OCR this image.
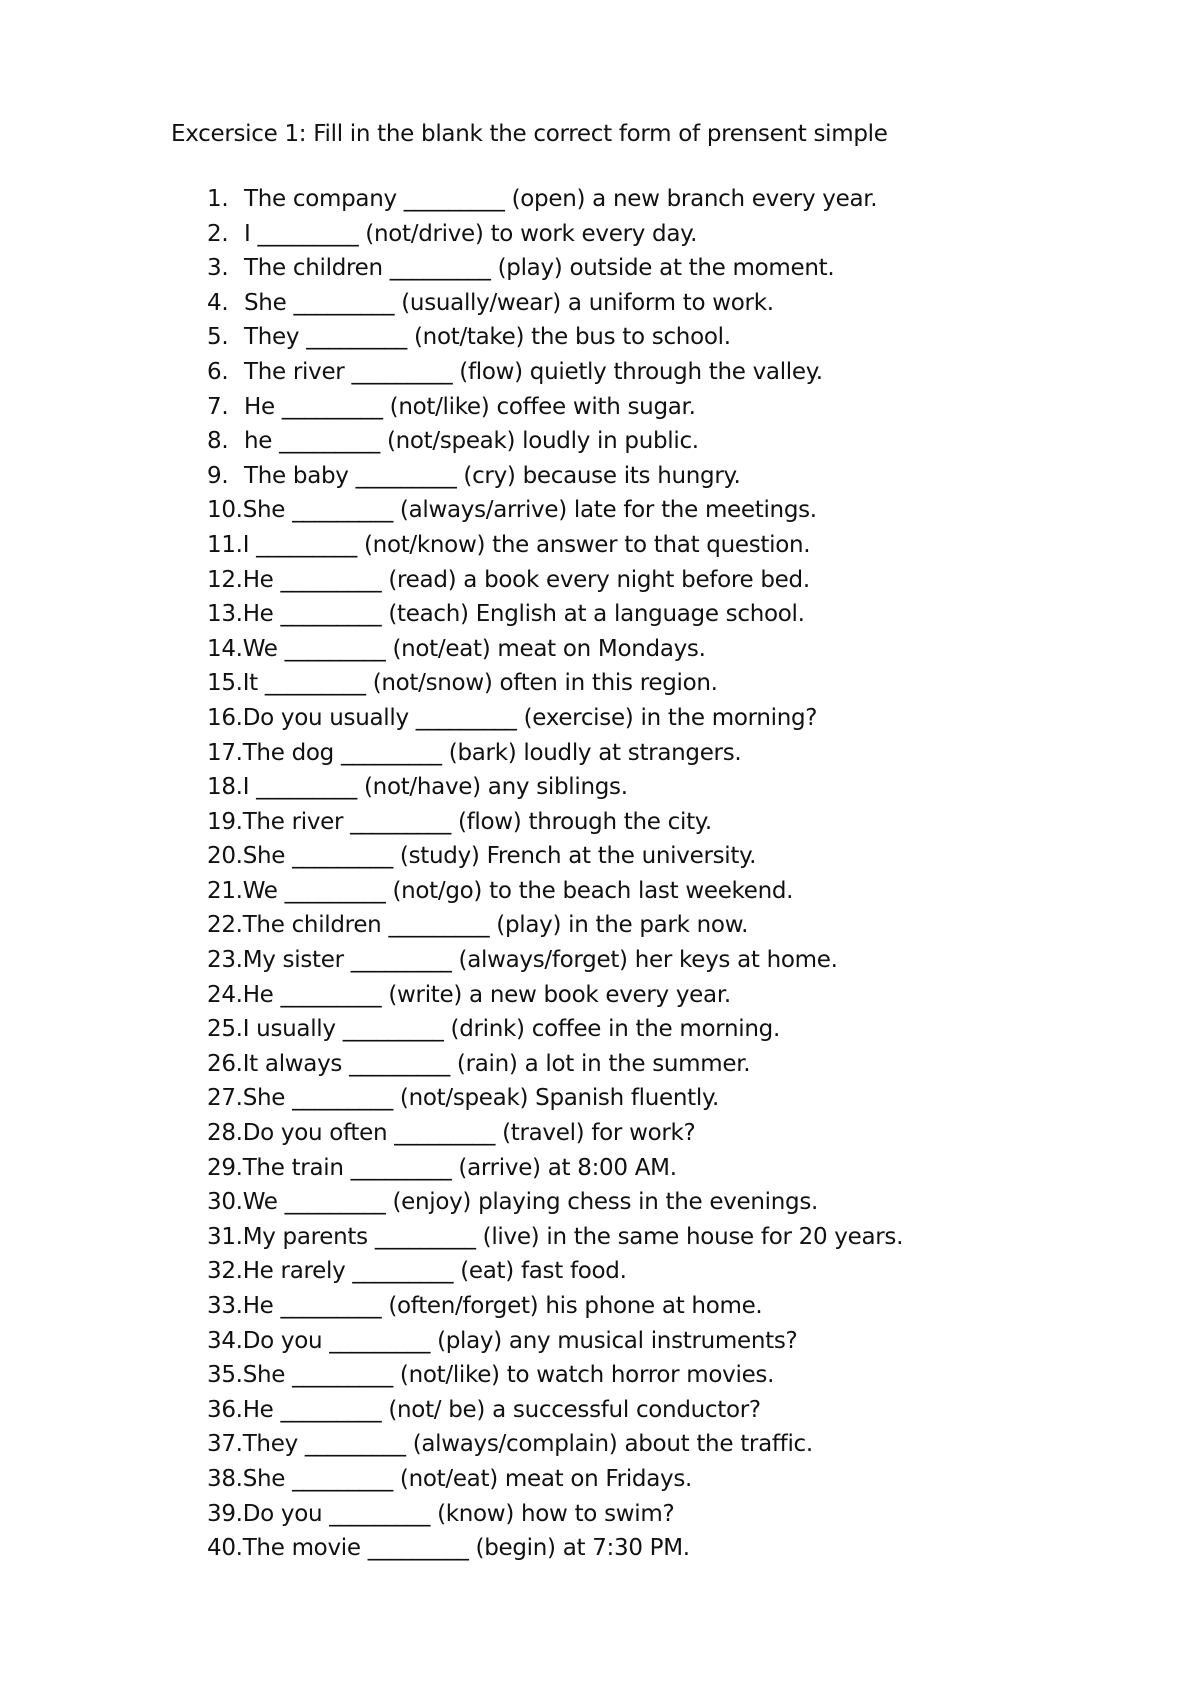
Excersice 1: Fill in the blank the correct form of prensent simple
1. The company _________ (open) a new branch every year.
2. I _________ (not/drive) to work every day.
3. The children _________ (play) outside at the moment.
4. She _________ (usually/wear) a uniform to work.
5. They _________ (not/take) the bus to school.
6. The river _________ (flow) quietly through the valley.
7. He _________ (not/like) coffee with sugar.
8. he _________ (not/speak) loudly in public.
9. The baby _________ (cry) because its hungry.
10.She _________ (always/arrive) late for the meetings.
11.I _________ (not/know) the answer to that question.
12.He _________ (read) a book every night before bed.
13.He _________ (teach) English at a language school.
14.We _________ (not/eat) meat on Mondays.
15.It _________ (not/snow) often in this region.
16.Do you usually _________ (exercise) in the morning?
17.The dog _________ (bark) loudly at strangers.
18.I _________ (not/have) any siblings.
19.The river _________ (flow) through the city.
20.She _________ (study) French at the university.
21.We _________ (not/go) to the beach last weekend.
22.The children _________ (play) in the park now.
23.My sister _________ (always/forget) her keys at home.
24.He _________ (write) a new book every year.
25.I usually _________ (drink) coffee in the morning.
26.It always _________ (rain) a lot in the summer.
27.She _________ (not/speak) Spanish fluently.
28.Do you often _________ (travel) for work?
29.The train _________ (arrive) at 8:00 AM.
30.We _________ (enjoy) playing chess in the evenings.
31.My parents _________ (live) in the same house for 20 years.
32.He rarely _________ (eat) fast food.
33.He _________ (often/forget) his phone at home.
34.Do you _________ (play) any musical instruments?
35.She _________ (not/like) to watch horror movies.
36.He _________ (not/ be) a successful conductor?
37.They _________ (always/complain) about the traffic.
38.She _________ (not/eat) meat on Fridays.
39.Do you _________ (know) how to swim?
40.The movie _________ (begin) at 7:30 PM.
